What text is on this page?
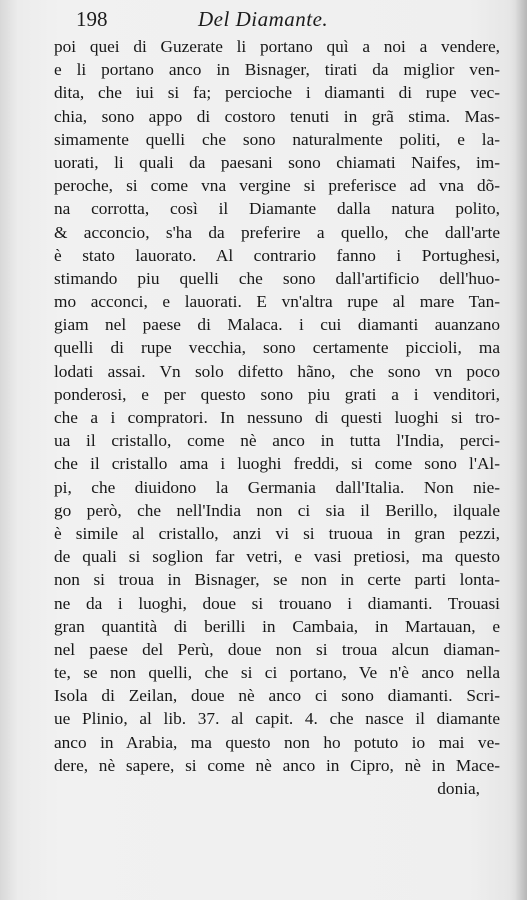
198	Del Diamante.
poi quei di Guzerate li portano quì a noi a vendere,
e li portano anco in Bisnager, tirati da miglior ven-
dita, che iui si fa; percioche i diamanti di rupe vec-
chia, sono appo di costoro tenuti in grã stima. Mas-
simamente quelli che sono naturalmente politi, e la-
uorati, li quali da paesani sono chiamati Naifes, im-
peroche, si come vna vergine si preferisce ad vna dõ-
na corrotta, così il Diamante dalla natura polito,
& acconcio, s'ha da preferire a quello, che dall'arte
è stato lauorato. Al contrario fanno i Portughesi,
stimando piu quelli che sono dall'artificio dell'huo-
mo acconci, e lauorati. E vn'altra rupe al mare Tan-
giam nel paese di Malaca. i cui diamanti auanzano
quelli di rupe vecchia, sono certamente piccioli, ma
lodati assai. Vn solo difetto hãno, che sono vn poco
ponderosi, e per questo sono piu grati a i venditori,
che a i compratori. In nessuno di questi luoghi si tro-
ua il cristallo, come nè anco in tutta l'India, perci-
che il cristallo ama i luoghi freddi, si come sono l'Al-
pi, che diuidono la Germania dall'Italia. Non nie-
go però, che nell'India non ci sia il Berillo, ilquale
è simile al cristallo, anzi vi si truoua in gran pezzi,
de quali si soglion far vetri, e vasi pretiosi, ma questo
non si troua in Bisnager, se non in certe parti lonta-
ne da i luoghi, doue si trouano i diamanti. Trouasi
gran quantità di berilli in Cambaia, in Martauan, e
nel paese del Perù, doue non si troua alcun diaman-
te, se non quelli, che si ci portano, Ve n'è anco nella
Isola di Zeilan, doue nè anco ci sono diamanti. Scri-
ue Plinio, al lib. 37. al capit. 4. che nasce il diamante
anco in Arabia, ma questo non ho potuto io mai ve-
dere, nè sapere, si come nè anco in Cipro, nè in Mace-
donia,
